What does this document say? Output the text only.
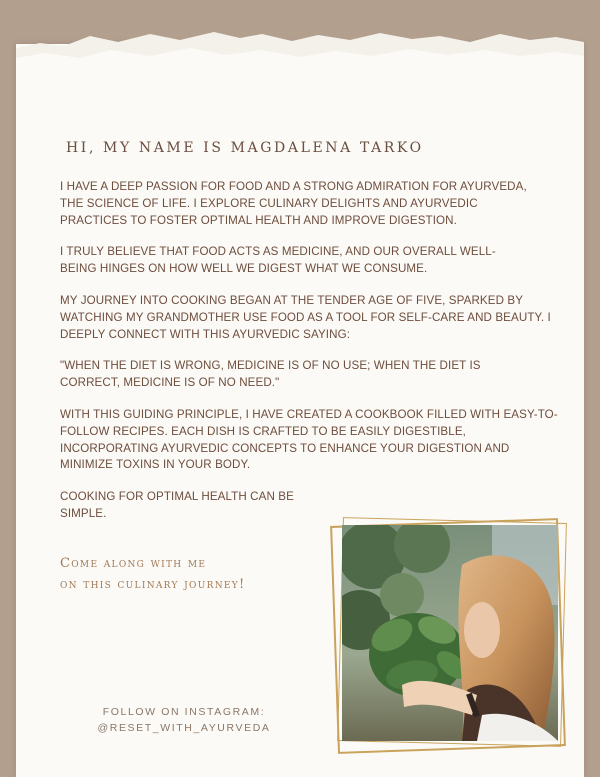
HI, MY NAME IS MAGDALENA TARKO

I HAVE A DEEP PASSION FOR FOOD AND A STRONG ADMIRATION FOR AYURVEDA, THE SCIENCE OF LIFE. I EXPLORE CULINARY DELIGHTS AND AYURVEDIC PRACTICES TO FOSTER OPTIMAL HEALTH AND IMPROVE DIGESTION.

I TRULY BELIEVE THAT FOOD ACTS AS MEDICINE, AND OUR OVERALL WELL-BEING HINGES ON HOW WELL WE DIGEST WHAT WE CONSUME.

MY JOURNEY INTO COOKING BEGAN AT THE TENDER AGE OF FIVE, SPARKED BY WATCHING MY GRANDMOTHER USE FOOD AS A TOOL FOR SELF-CARE AND BEAUTY. I DEEPLY CONNECT WITH THIS AYURVEDIC SAYING:

"WHEN THE DIET IS WRONG, MEDICINE IS OF NO USE; WHEN THE DIET IS CORRECT, MEDICINE IS OF NO NEED."

WITH THIS GUIDING PRINCIPLE, I HAVE CREATED A COOKBOOK FILLED WITH EASY-TO-FOLLOW RECIPES. EACH DISH IS CRAFTED TO BE EASILY DIGESTIBLE, INCORPORATING AYURVEDIC CONCEPTS TO ENHANCE YOUR DIGESTION AND MINIMIZE TOXINS IN YOUR BODY.

COOKING FOR OPTIMAL HEALTH CAN BE SIMPLE.

Come along with me
on this culinary journey!
FOLLOW ON INSTAGRAM:
@RESET_WITH_AYURVEDA
